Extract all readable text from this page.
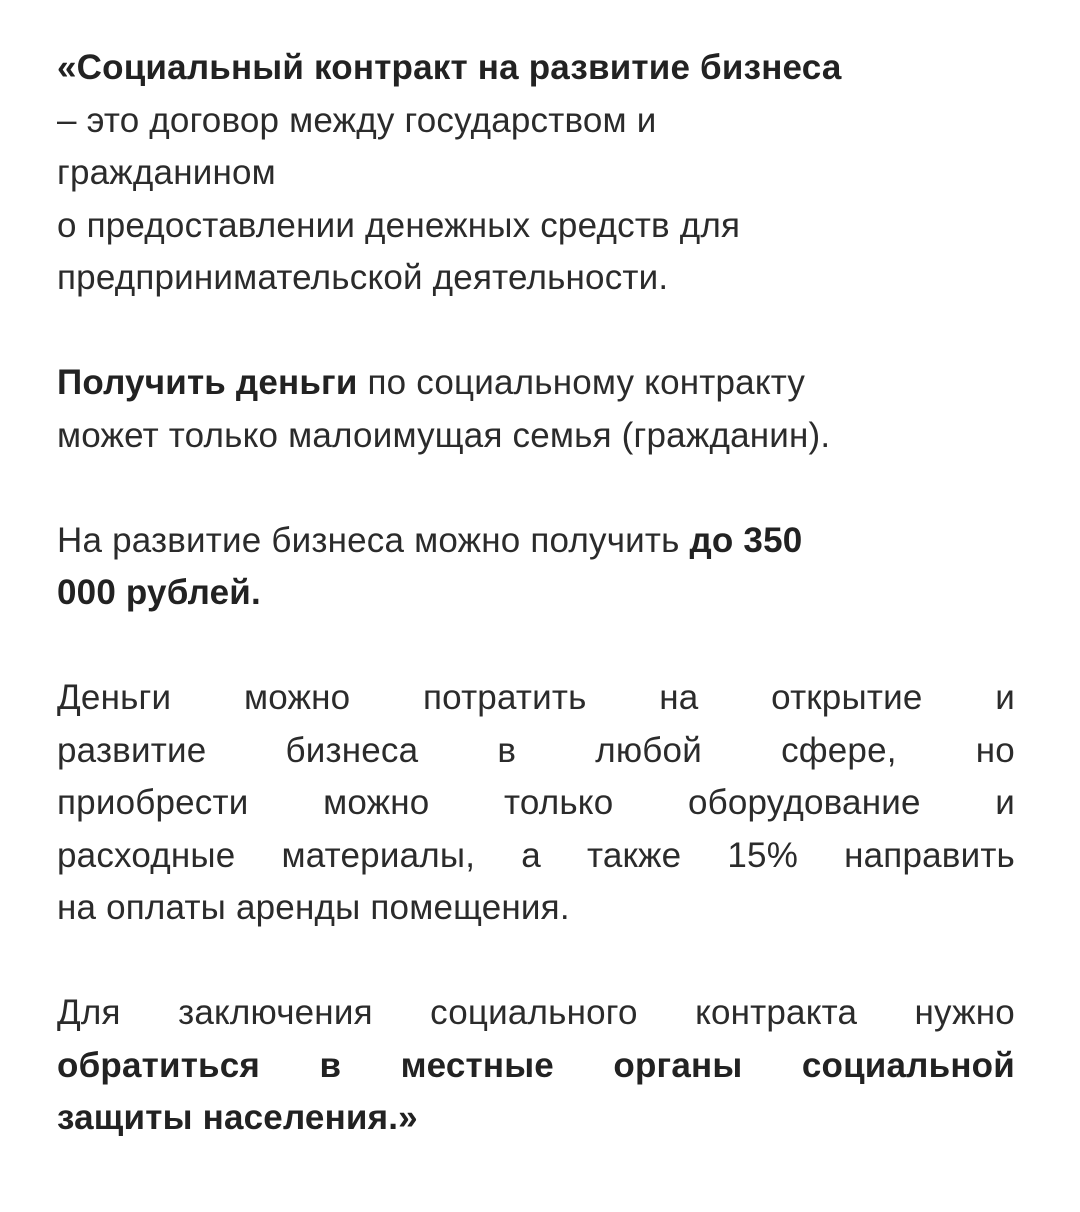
«Социальный контракт на развитие бизнеса
– это договор между государством и
гражданином
о предоставлении денежных средств для
предпринимательской деятельности.
Получить деньги по социальному контракту
может только малоимущая семья (гражданин).
На развитие бизнеса можно получить до 350
000 рублей.
Деньги можно потратить на открытие и
развитие бизнеса в любой сфере, но
приобрести можно только оборудование и
расходные материалы, а также 15% направить
на оплаты аренды помещения.
Для заключения социального контракта нужно
обратиться в местные органы социальной
защиты населения.»
